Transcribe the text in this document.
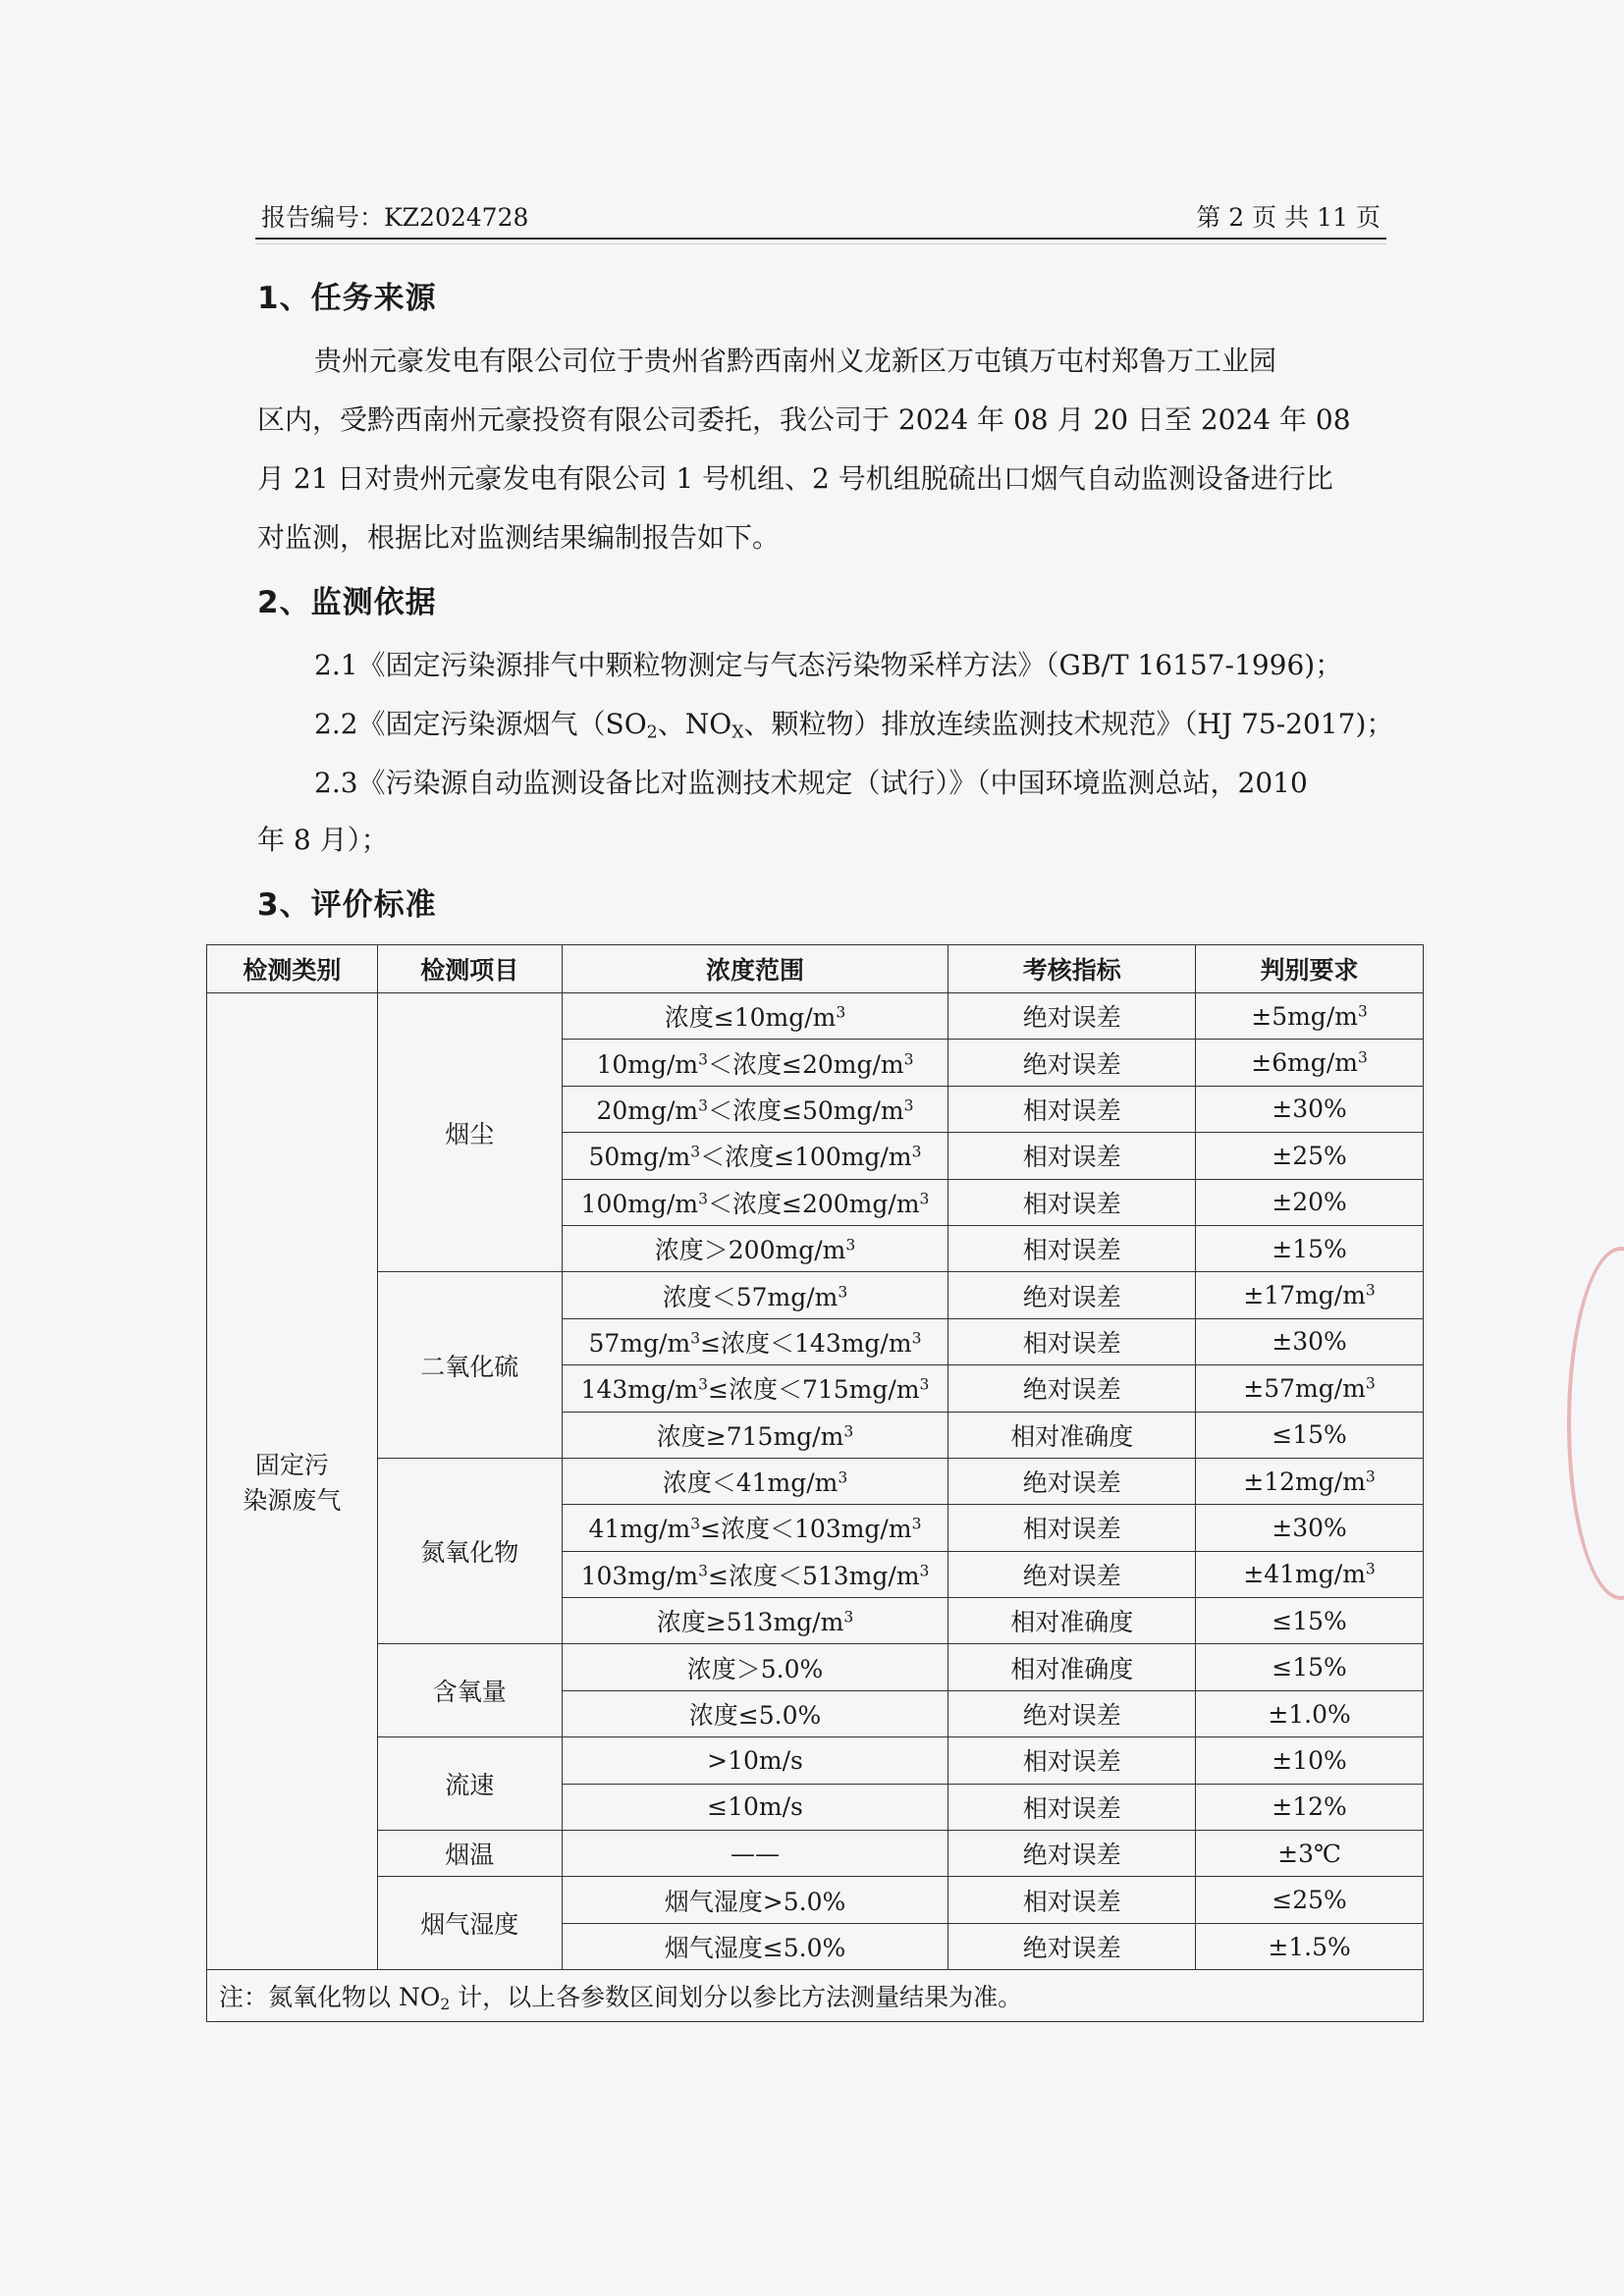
报告编号：KZ2024728	第 2 页 共 11 页
1、任务来源
贵州元豪发电有限公司位于贵州省黔西南州义龙新区万屯镇万屯村郑鲁万工业园
区内，受黔西南州元豪投资有限公司委托，我公司于 2024 年 08 月 20 日至 2024 年 08
月 21 日对贵州元豪发电有限公司 1 号机组、2 号机组脱硫出口烟气自动监测设备进行比
对监测，根据比对监测结果编制报告如下。
2、监测依据
2.1《固定污染源排气中颗粒物测定与气态污染物采样方法》（GB/T 16157-1996)；
2.2《固定污染源烟气（$SO_2$、$NO_X$、颗粒物）排放连续监测技术规范》（HJ 75-2017)；
2.3《污染源自动监测设备比对监测技术规定（试行）》（中国环境监测总站，2010
年 8 月）；
3、评价标准
检测类别	检测项目	浓度范围	考核指标	判别要求

固定污
染源废气	烟尘	浓度$\le 10mg/m^3$	绝对误差	$\pm 5mg/m^3$
		$10mg/m^3<$浓度$\le 20mg/m^3$	绝对误差	$\pm 6mg/m^3$
		$20mg/m^3<$浓度$\le 50mg/m^3$	相对误差	±30%
		$50mg/m^3<$浓度$\le 100mg/m^3$	相对误差	±25%
		$100mg/m^3<$浓度$\le 200mg/m^3$	相对误差	±20%
		浓度$>200mg/m^3$	相对误差	±15%
	二氧化硫	浓度$<57mg/m^3$	绝对误差	$\pm 17mg/m^3$
		$57mg/m^3\le$浓度$<143mg/m^3$	相对误差	±30%
		$143mg/m^3\le$浓度$<715mg/m^3$	绝对误差	$\pm 57mg/m^3$
		浓度$\ge 715mg/m^3$	相对准确度	≤15%
	氮氧化物	浓度$<41mg/m^3$	绝对误差	$\pm 12mg/m^3$
		$41mg/m^3\le$浓度$<103mg/m^3$	相对误差	±30%
		$103mg/m^3\le$浓度$<513mg/m^3$	绝对误差	$\pm 41mg/m^3$
		浓度$\ge 513mg/m^3$	相对准确度	≤15%
	含氧量	浓度＞5.0%	相对准确度	≤15%
		浓度≤5.0%	绝对误差	±1.0%
	流速	>10m/s	相对误差	±10%
		≤10m/s	相对误差	±12%
	烟温	——	绝对误差	±3℃
	烟气湿度	烟气湿度>5.0%	相对误差	≤25%
		烟气湿度≤5.0%	绝对误差	±1.5%
注：氮氧化物以 $NO_2$ 计，以上各参数区间划分以参比方法测量结果为准。				
